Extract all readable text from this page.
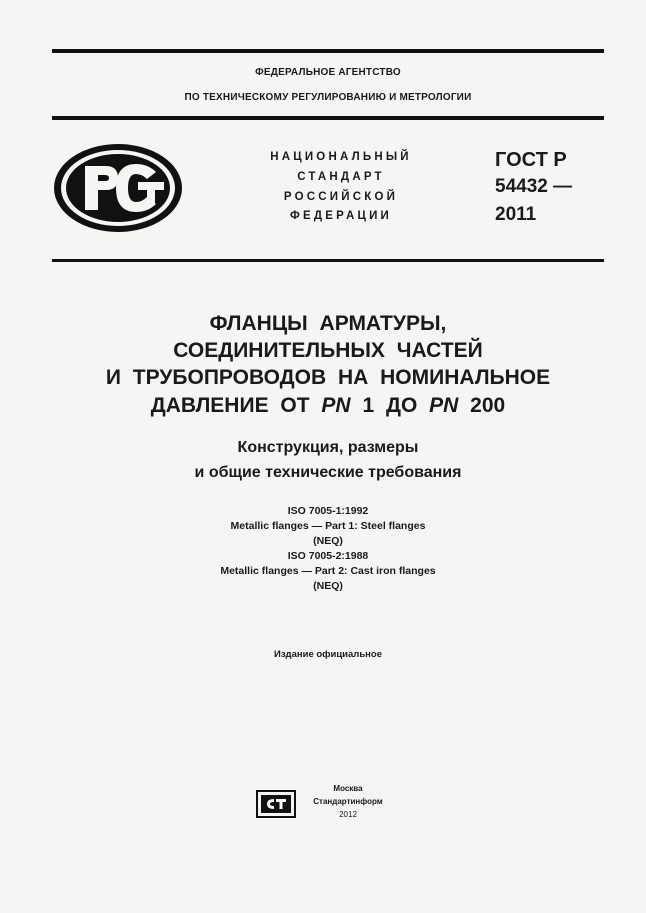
ФЕДЕРАЛЬНОЕ АГЕНТСТВО
ПО ТЕХНИЧЕСКОМУ РЕГУЛИРОВАНИЮ И МЕТРОЛОГИИ
НАЦИОНАЛЬНЫЙ
СТАНДАРТ
РОССИЙСКОЙ
ФЕДЕРАЦИИ
ГОСТ Р
54432 —
2011
ФЛАНЦЫ АРМАТУРЫ,
СОЕДИНИТЕЛЬНЫХ ЧАСТЕЙ
И ТРУБОПРОВОДОВ НА НОМИНАЛЬНОЕ
ДАВЛЕНИЕ ОТ PN 1 ДО PN 200
Конструкция, размеры
и общие технические требования
ISO 7005-1:1992
Metallic flanges — Part 1: Steel flanges
(NEQ)
ISO 7005-2:1988
Metallic flanges — Part 2: Cast iron flanges
(NEQ)
Издание официальное
Москва
Стандартинформ
2012
